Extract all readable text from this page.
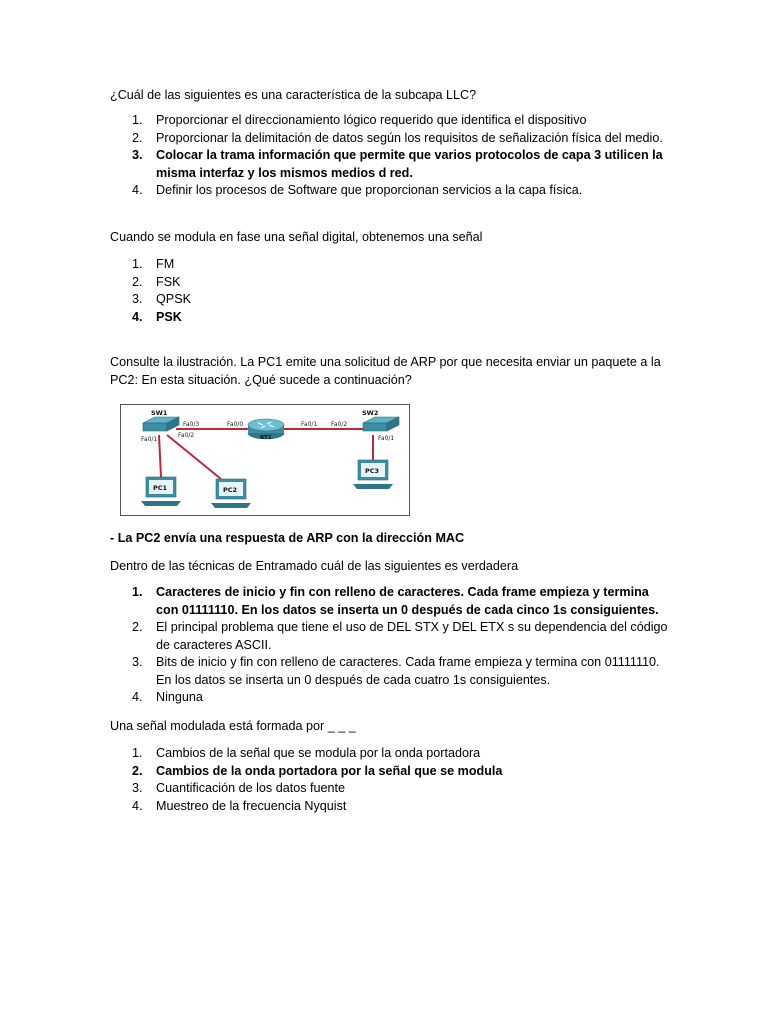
¿Cuál de las siguientes es una característica de la subcapa LLC?

1. Proporcionar el direccionamiento lógico requerido que identifica el dispositivo
2. Proporcionar la delimitación de datos según los requisitos de señalización física del medio.
3. Colocar la trama información que permite que varios protocolos de capa 3 utilicen la misma interfaz y los mismos medios d red.
4. Definir los procesos de Software que proporcionan servicios a la capa física.

Cuando se modula en fase una señal digital, obtenemos una señal

1. FM
2. FSK
3. QPSK
4. PSK

Consulte la ilustración. La PC1 emite una solicitud de ARP por que necesita enviar un paquete a la PC2: En esta situación. ¿Qué sucede a continuación?

SW1
Fa0/3
Fa0/1
Fa0/2	RT1
Fa0/0	Fa0/1
SW2
Fa0/2
Fa0/1
PC1	PC2
PC3

- La PC2 envía una respuesta de ARP con la dirección MAC

Dentro de las técnicas de Entramado cuál de las siguientes es verdadera

1. Caracteres de inicio y fin con relleno de caracteres. Cada frame empieza y termina con 01111110. En los datos se inserta un 0 después de cada cinco 1s consiguientes.
2. El principal problema que tiene el uso de DEL STX y DEL ETX s su dependencia del código de caracteres ASCII.
3. Bits de inicio y fin con relleno de caracteres. Cada frame empieza y termina con 01111110. En los datos se inserta un 0 después de cada cuatro 1s consiguientes.
4. Ninguna

Una señal modulada está formada por _ _ _

1. Cambios de la señal que se modula por la onda portadora
2. Cambios de la onda portadora por la señal que se modula
3. Cuantificación de los datos fuente
4. Muestreo de la frecuencia Nyquist
